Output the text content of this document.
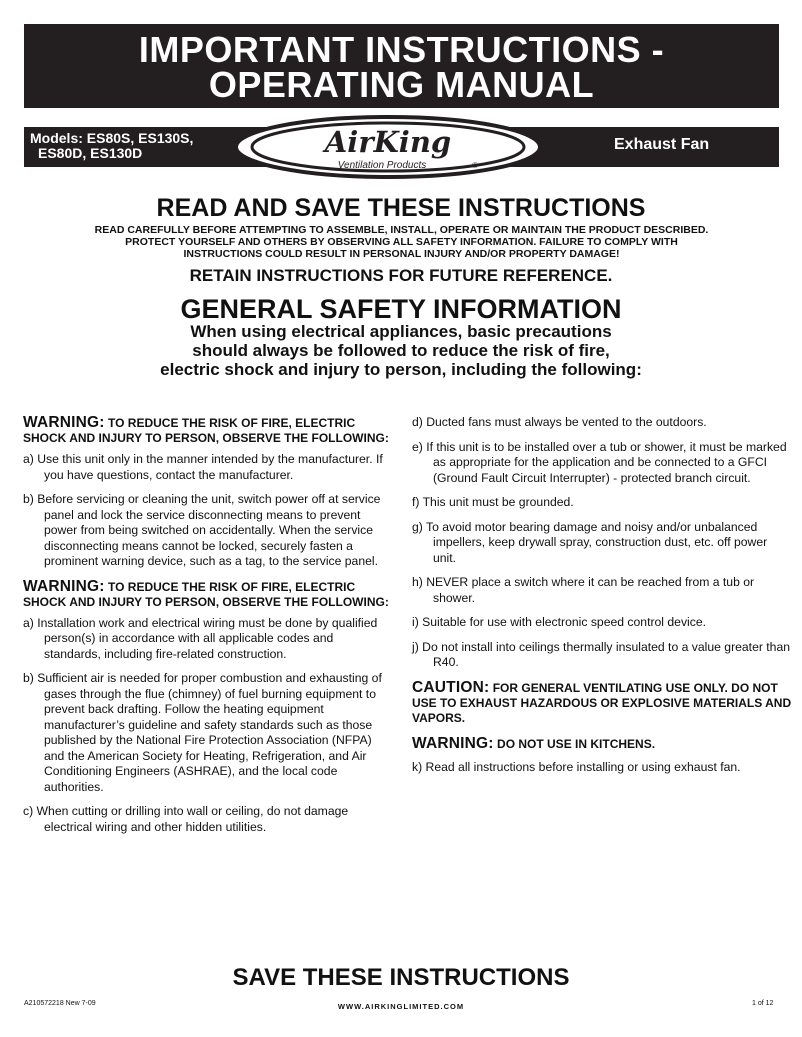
IMPORTANT INSTRUCTIONS -
OPERATING MANUAL
Models: ES80S, ES130S,
ES80D, ES130D	Exhaust Fan
AirKing
Ventilation Products	®
READ AND SAVE THESE INSTRUCTIONS
READ CAREFULLY BEFORE ATTEMPTING TO ASSEMBLE, INSTALL, OPERATE OR MAINTAIN THE PRODUCT DESCRIBED.
PROTECT YOURSELF AND OTHERS BY OBSERVING ALL SAFETY INFORMATION. FAILURE TO COMPLY WITH
INSTRUCTIONS COULD RESULT IN PERSONAL INJURY AND/OR PROPERTY DAMAGE!
RETAIN INSTRUCTIONS FOR FUTURE REFERENCE.
GENERAL SAFETY INFORMATION
When using electrical appliances, basic precautions
should always be followed to reduce the risk of fire,
electric shock and injury to person, including the following:
WARNING: TO REDUCE THE RISK OF FIRE, ELECTRIC
SHOCK AND INJURY TO PERSON, OBSERVE THE FOLLOWING:
a) Use this unit only in the manner intended by the manufacturer. If you have questions, contact the manufacturer.
b) Before servicing or cleaning the unit, switch power off at service panel and lock the service disconnecting means to prevent power from being switched on accidentally. When the service disconnecting means cannot be locked, securely fasten a prominent warning device, such as a tag, to the service panel.
WARNING: TO REDUCE THE RISK OF FIRE, ELECTRIC
SHOCK AND INJURY TO PERSON, OBSERVE THE FOLLOWING:
a) Installation work and electrical wiring must be done by qualified person(s) in accordance with all applicable codes and standards, including fire-related construction.
b) Sufficient air is needed for proper combustion and exhausting of gases through the flue (chimney) of fuel burning equipment to prevent back drafting. Follow the heating equipment manufacturer’s guideline and safety standards such as those published by the National Fire Protection Association (NFPA) and the American Society for Heating, Refrigeration, and Air Conditioning Engineers (ASHRAE), and the local code authorities.
c) When cutting or drilling into wall or ceiling, do not damage electrical wiring and other hidden utilities.
d) Ducted fans must always be vented to the outdoors.
e) If this unit is to be installed over a tub or shower, it must be marked as appropriate for the application and be connected to a GFCI (Ground Fault Circuit Interrupter) - protected branch circuit.
f) This unit must be grounded.
g) To avoid motor bearing damage and noisy and/or unbalanced impellers, keep drywall spray, construction dust, etc. off power unit.
h) NEVER place a switch where it can be reached from a tub or shower.
i) Suitable for use with electronic speed control device.
j) Do not install into ceilings thermally insulated to a value greater than R40.
CAUTION: FOR GENERAL VENTILATING USE ONLY. DO NOT USE TO EXHAUST HAZARDOUS OR EXPLOSIVE MATERIALS AND VAPORS.
WARNING: DO NOT USE IN KITCHENS.
k) Read all instructions before installing or using exhaust fan.
SAVE THESE INSTRUCTIONS
A210572218 New 7-09	WWW.AIRKINGLIMITED.COM	1 of 12
